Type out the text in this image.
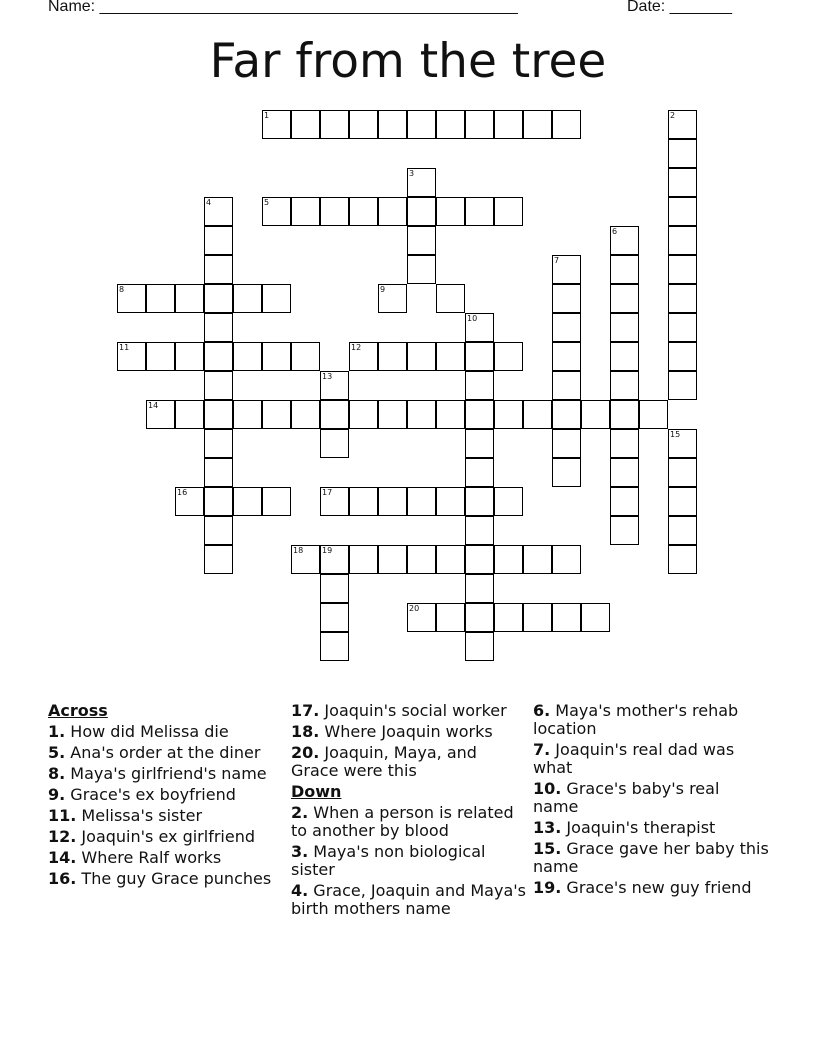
Name: _______________________________________________	Date: _______
Far from the tree
1	2
3
4	5
6
7
8	9
10
11	12
13
14
15
16	17
18 19
20
Across
1. How did Melissa die
5. Ana's order at the diner
8. Maya's girlfriend's name
9. Grace's ex boyfriend
11. Melissa's sister
12. Joaquin's ex girlfriend
14. Where Ralf works
16. The guy Grace punches
17. Joaquin's social worker
18. Where Joaquin works
20. Joaquin, Maya, and Grace were this
Down
2. When a person is related to another by blood
3. Maya's non biological sister
4. Grace, Joaquin and Maya's birth mothers name
6. Maya's mother's rehab location
7. Joaquin's real dad was what
10. Grace's baby's real name
13. Joaquin's therapist
15. Grace gave her baby this name
19. Grace's new guy friend
